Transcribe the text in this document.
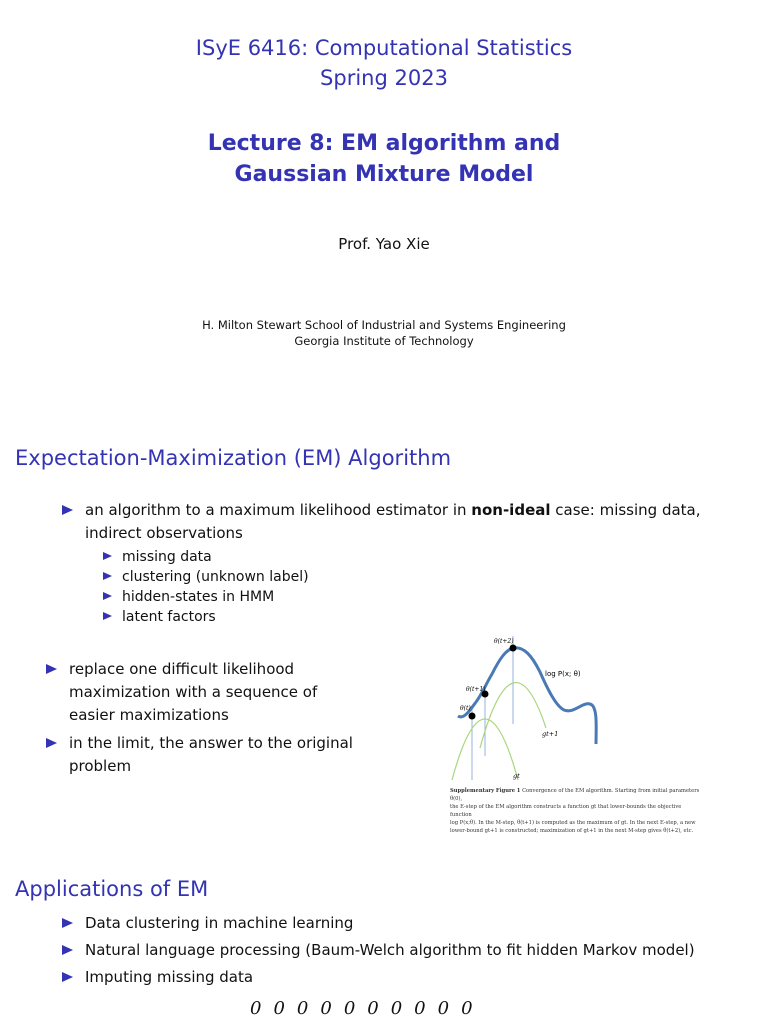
ISyE 6416: Computational Statistics
Spring 2023
Lecture 8: EM algorithm and
Gaussian Mixture Model
Prof. Yao Xie
H. Milton Stewart School of Industrial and Systems Engineering
Georgia Institute of Technology
Expectation-Maximization (EM) Algorithm
an algorithm to a maximum likelihood estimator in non-ideal case: missing data,
indirect observations
missing data
clustering (unknown label)
hidden-states in HMM
latent factors
replace one difficult likelihood
maximization with a sequence of
easier maximizations
in the limit, the answer to the original
problem
θ(t+2)
θ(t+1)
θ(t)
log P(x; θ)
gt+1
gt
Supplementary Figure 1 Convergence of the EM algorithm. Starting from initial parameters θ(0),
the E-step of the EM algorithm constructs a function gt that lower-bounds the objective function
log P(x;θ). In the M-step, θ(t+1) is computed as the maximum of gt. In the next E-step, a new
lower-bound gt+1 is constructed; maximization of gt+1 in the next M-step gives θ(t+2), etc.
Applications of EM
Data clustering in machine learning
Natural language processing (Baum-Welch algorithm to fit hidden Markov model)
Imputing missing data
0 0 0 0 0 0 0 0 0 0
